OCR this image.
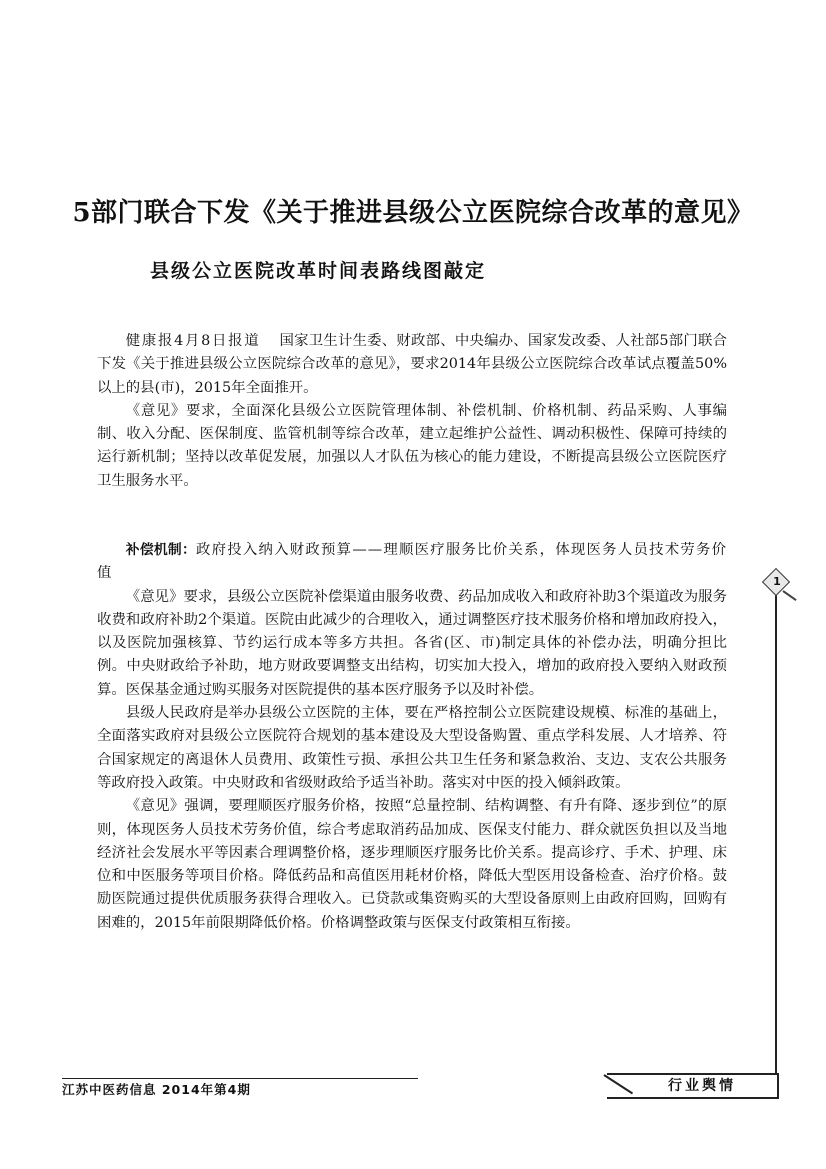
5部门联合下发《关于推进县级公立医院综合改革的意见》
县级公立医院改革时间表路线图敲定

健康报4月8日报道 国家卫生计生委、财政部、中央编办、国家发改委、人社部5部门联合下发《关于推进县级公立医院综合改革的意见》，要求2014年县级公立医院综合改革试点覆盖50%以上的县(市)，2015年全面推开。

《意见》要求，全面深化县级公立医院管理体制、补偿机制、价格机制、药品采购、人事编制、收入分配、医保制度、监管机制等综合改革，建立起维护公益性、调动积极性、保障可持续的运行新机制；坚持以改革促发展，加强以人才队伍为核心的能力建设，不断提高县级公立医院医疗卫生服务水平。

补偿机制：政府投入纳入财政预算——理顺医疗服务比价关系，体现医务人员技术劳务价值

《意见》要求，县级公立医院补偿渠道由服务收费、药品加成收入和政府补助3个渠道改为服务收费和政府补助2个渠道。医院由此减少的合理收入，通过调整医疗技术服务价格和增加政府投入，以及医院加强核算、节约运行成本等多方共担。各省(区、市)制定具体的补偿办法，明确分担比例。中央财政给予补助，地方财政要调整支出结构，切实加大投入，增加的政府投入要纳入财政预算。医保基金通过购买服务对医院提供的基本医疗服务予以及时补偿。

县级人民政府是举办县级公立医院的主体，要在严格控制公立医院建设规模、标准的基础上，全面落实政府对县级公立医院符合规划的基本建设及大型设备购置、重点学科发展、人才培养、符合国家规定的离退休人员费用、政策性亏损、承担公共卫生任务和紧急救治、支边、支农公共服务等政府投入政策。中央财政和省级财政给予适当补助。落实对中医的投入倾斜政策。

《意见》强调，要理顺医疗服务价格，按照“总量控制、结构调整、有升有降、逐步到位”的原则，体现医务人员技术劳务价值，综合考虑取消药品加成、医保支付能力、群众就医负担以及当地经济社会发展水平等因素合理调整价格，逐步理顺医疗服务比价关系。提高诊疗、手术、护理、床位和中医服务等项目价格。降低药品和高值医用耗材价格，降低大型医用设备检查、治疗价格。鼓励医院通过提供优质服务获得合理收入。已贷款或集资购买的大型设备原则上由政府回购，回购有困难的，2015年前限期降低价格。价格调整政策与医保支付政策相互衔接。

1
江苏中医药信息 2014年第4期	行业舆情
